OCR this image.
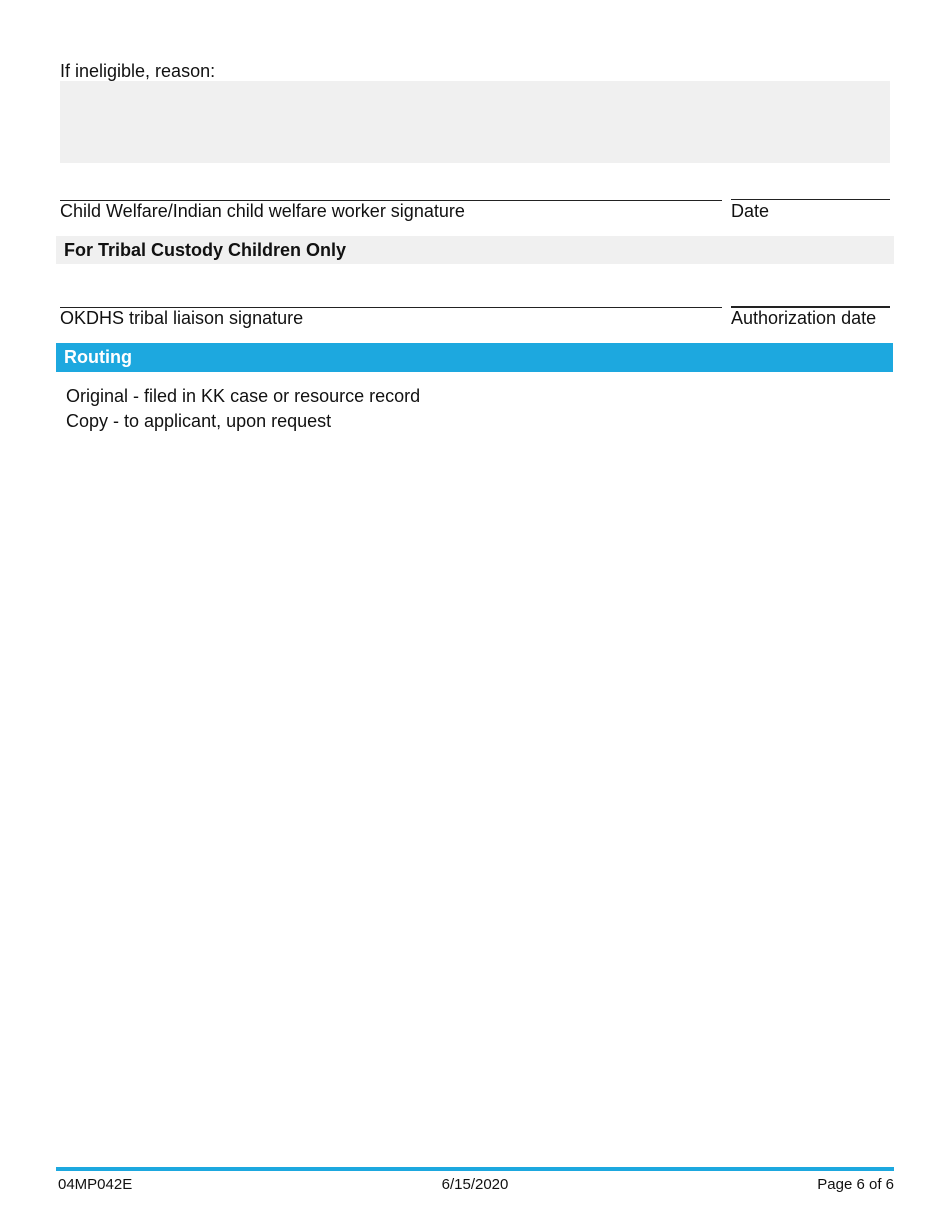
If ineligible, reason:
Child Welfare/Indian child welfare worker signature	Date
For Tribal Custody Children Only
OKDHS tribal liaison signature	Authorization date
Routing
Original - filed in KK case or resource record
Copy - to applicant, upon request
04MP042E	6/15/2020	Page 6 of 6
